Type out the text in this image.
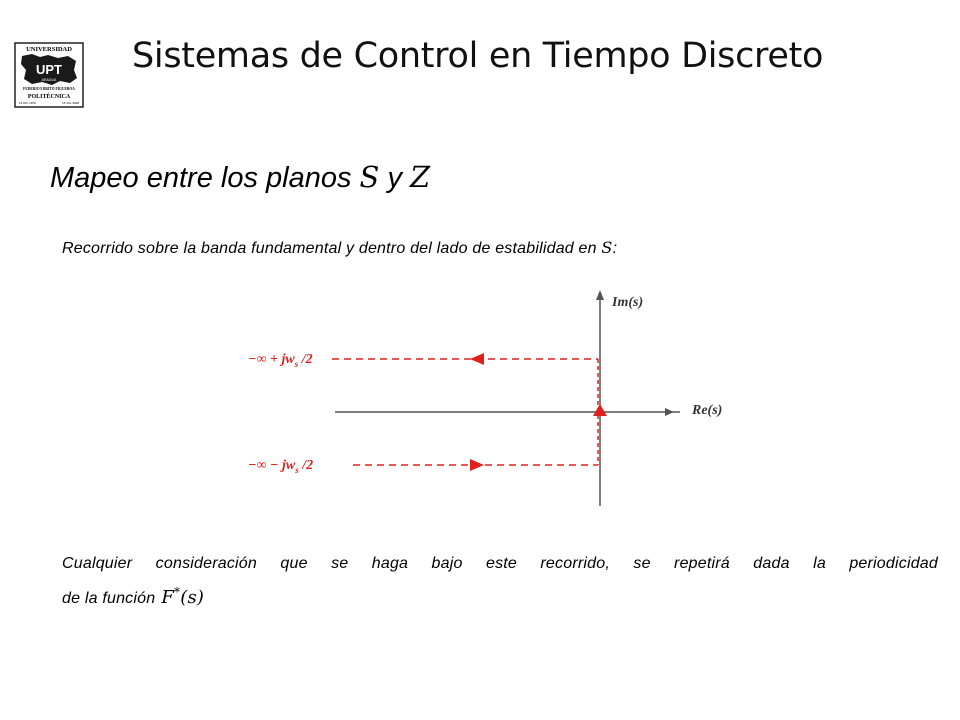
UNIVERSIDAD
UPT
ARAGUA
FEDERICO BRITO FIGUEROA
POLITÉCNICA
12 DIC 1976	16 JUL 2008
Sistemas de Control en Tiempo Discreto
Mapeo entre los planos S y Z
Recorrido sobre la banda fundamental y dentro del lado de estabilidad en S:
Im(s)
Re(s)
−∞ + $jw_s$ /2
−∞ − $jw_s$ /2
Cualquier consideración que se haga bajo este recorrido, se repetirá dada la periodicidad
de la función F*(s)
